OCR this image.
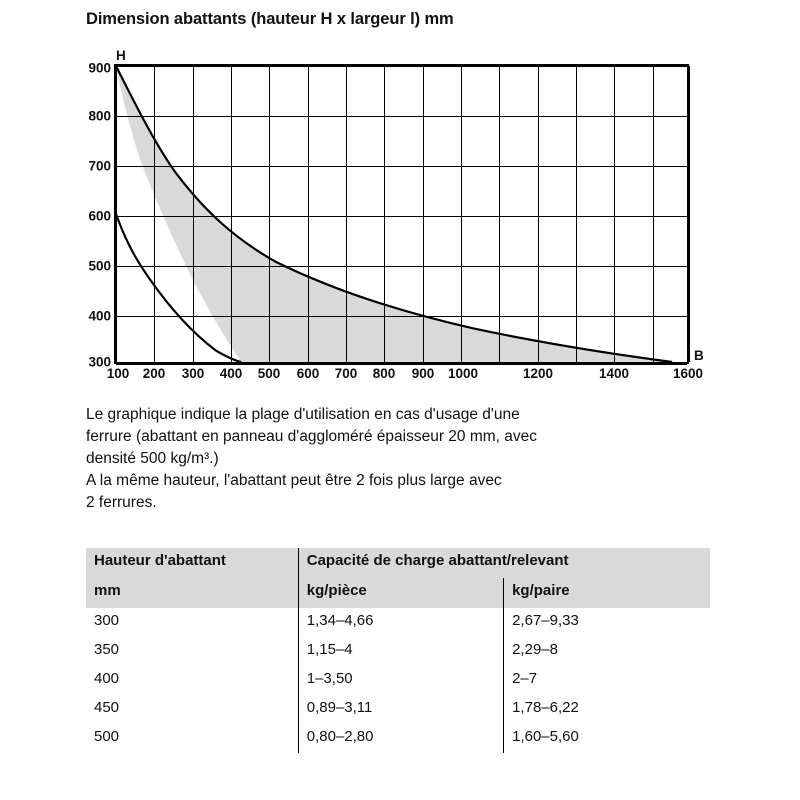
Dimension abattants (hauteur H x largeur l) mm
H
B
900
800
700
600
500
400
300
100 200 300 400 500 600 700 800 900 1000	1200	1400	1600

Le graphique indique la plage d'utilisation en cas d'usage d'une

ferrure (abattant en panneau d'aggloméré épaisseur 20 mm, avec

densité 500 kg/m³.)

A la même hauteur, l'abattant peut être 2 fois plus large avec

2 ferrures.

Hauteur d'abattant	Capacité de charge abattant/relevant	
mm	kg/pièce	kg/paire
300	1,34–4,66	2,67–9,33
350	1,15–4	2,29–8
400	1–3,50	2–7
450	0,89–3,11	1,78–6,22
500	0,80–2,80	1,60–5,60
